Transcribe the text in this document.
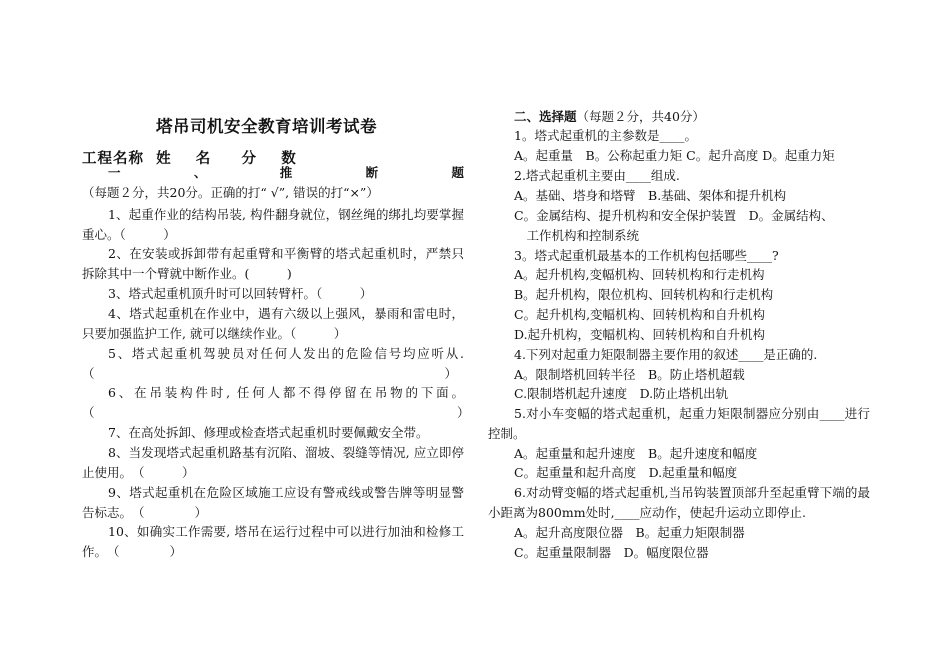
塔吊司机安全教育培训考试卷
工程名称  姓    名     分    数
一、推断题（每题２分，共20分。正确的打“ √”, 错误的打“×”）
1、起重作业的结构吊装, 构件翻身就位，钢丝绳的绑扎均要掌握重心。（　　　）
2、在安装或拆卸带有起重臂和平衡臂的塔式起重机时，严禁只拆除其中一个臂就中断作业。(　　　)
3、塔式起重机顶升时可以回转臂杆。（　　　）
4、塔式起重机在作业中，遇有六级以上强风，暴雨和雷电时，只要加强监护工作, 就可以继续作业。（　　　）
5、塔式起重机驾驶员对任何人发出的危险信号均应听从.（　　　　　　　　　　　　　　　　　　　　　　　　　　　　）
6、在吊装构件时, 任何人都不得停留在吊物的下面。（　　　　　　　　　　　　　　　　　　　　　　　　　　　　　）
7、在高处拆卸、修理或检查塔式起重机时要佩戴安全带。
8、当发现塔式起重机路基有沉陷、溜坡、裂缝等情况, 应立即停止使用。　（　　　）
9、塔式起重机在危险区域施工应设有警戒线或警告牌等明显警告标志。　（　　　　）
10、如确实工作需要, 塔吊在运行过程中可以进行加油和检修工作。　（　　　　）
二、选择题（每题２分，共40分）
1。塔式起重机的主参数是____。
A。起重量　B。公称起重力矩 C。起升高度 D。起重力矩
2.塔式起重机主要由____组成.
A。基础、塔身和塔臂　B.基础、架体和提升机构
C。金属结构、提升机构和安全保护装置　D。金属结构、
　工作机构和控制系统
3。塔式起重机最基本的工作机构包括哪些____?
A。起升机构,变幅机构、回转机构和行走机构
B。起升机构，限位机构、回转机构和行走机构
C。起升机构,变幅机构、回转机构和自升机构
D.起升机构，变幅机构、回转机构和自升机构
4.下列对起重力矩限制器主要作用的叙述____是正确的.
A。限制塔机回转半径　B。防止塔机超载
C.限制塔机起升速度　D.防止塔机出轨
5.对小车变幅的塔式起重机，起重力矩限制器应分别由____进行控制。
A。起重量和起升速度　B。起升速度和幅度
C。起重量和起升高度　D.起重量和幅度
6.对动臂变幅的塔式起重机,当吊钩装置顶部升至起重臂下端的最小距离为800mm处时,____应动作，使起升运动立即停止.
A。起升高度限位器　B。起重力矩限制器
C。起重量限制器　D。幅度限位器
